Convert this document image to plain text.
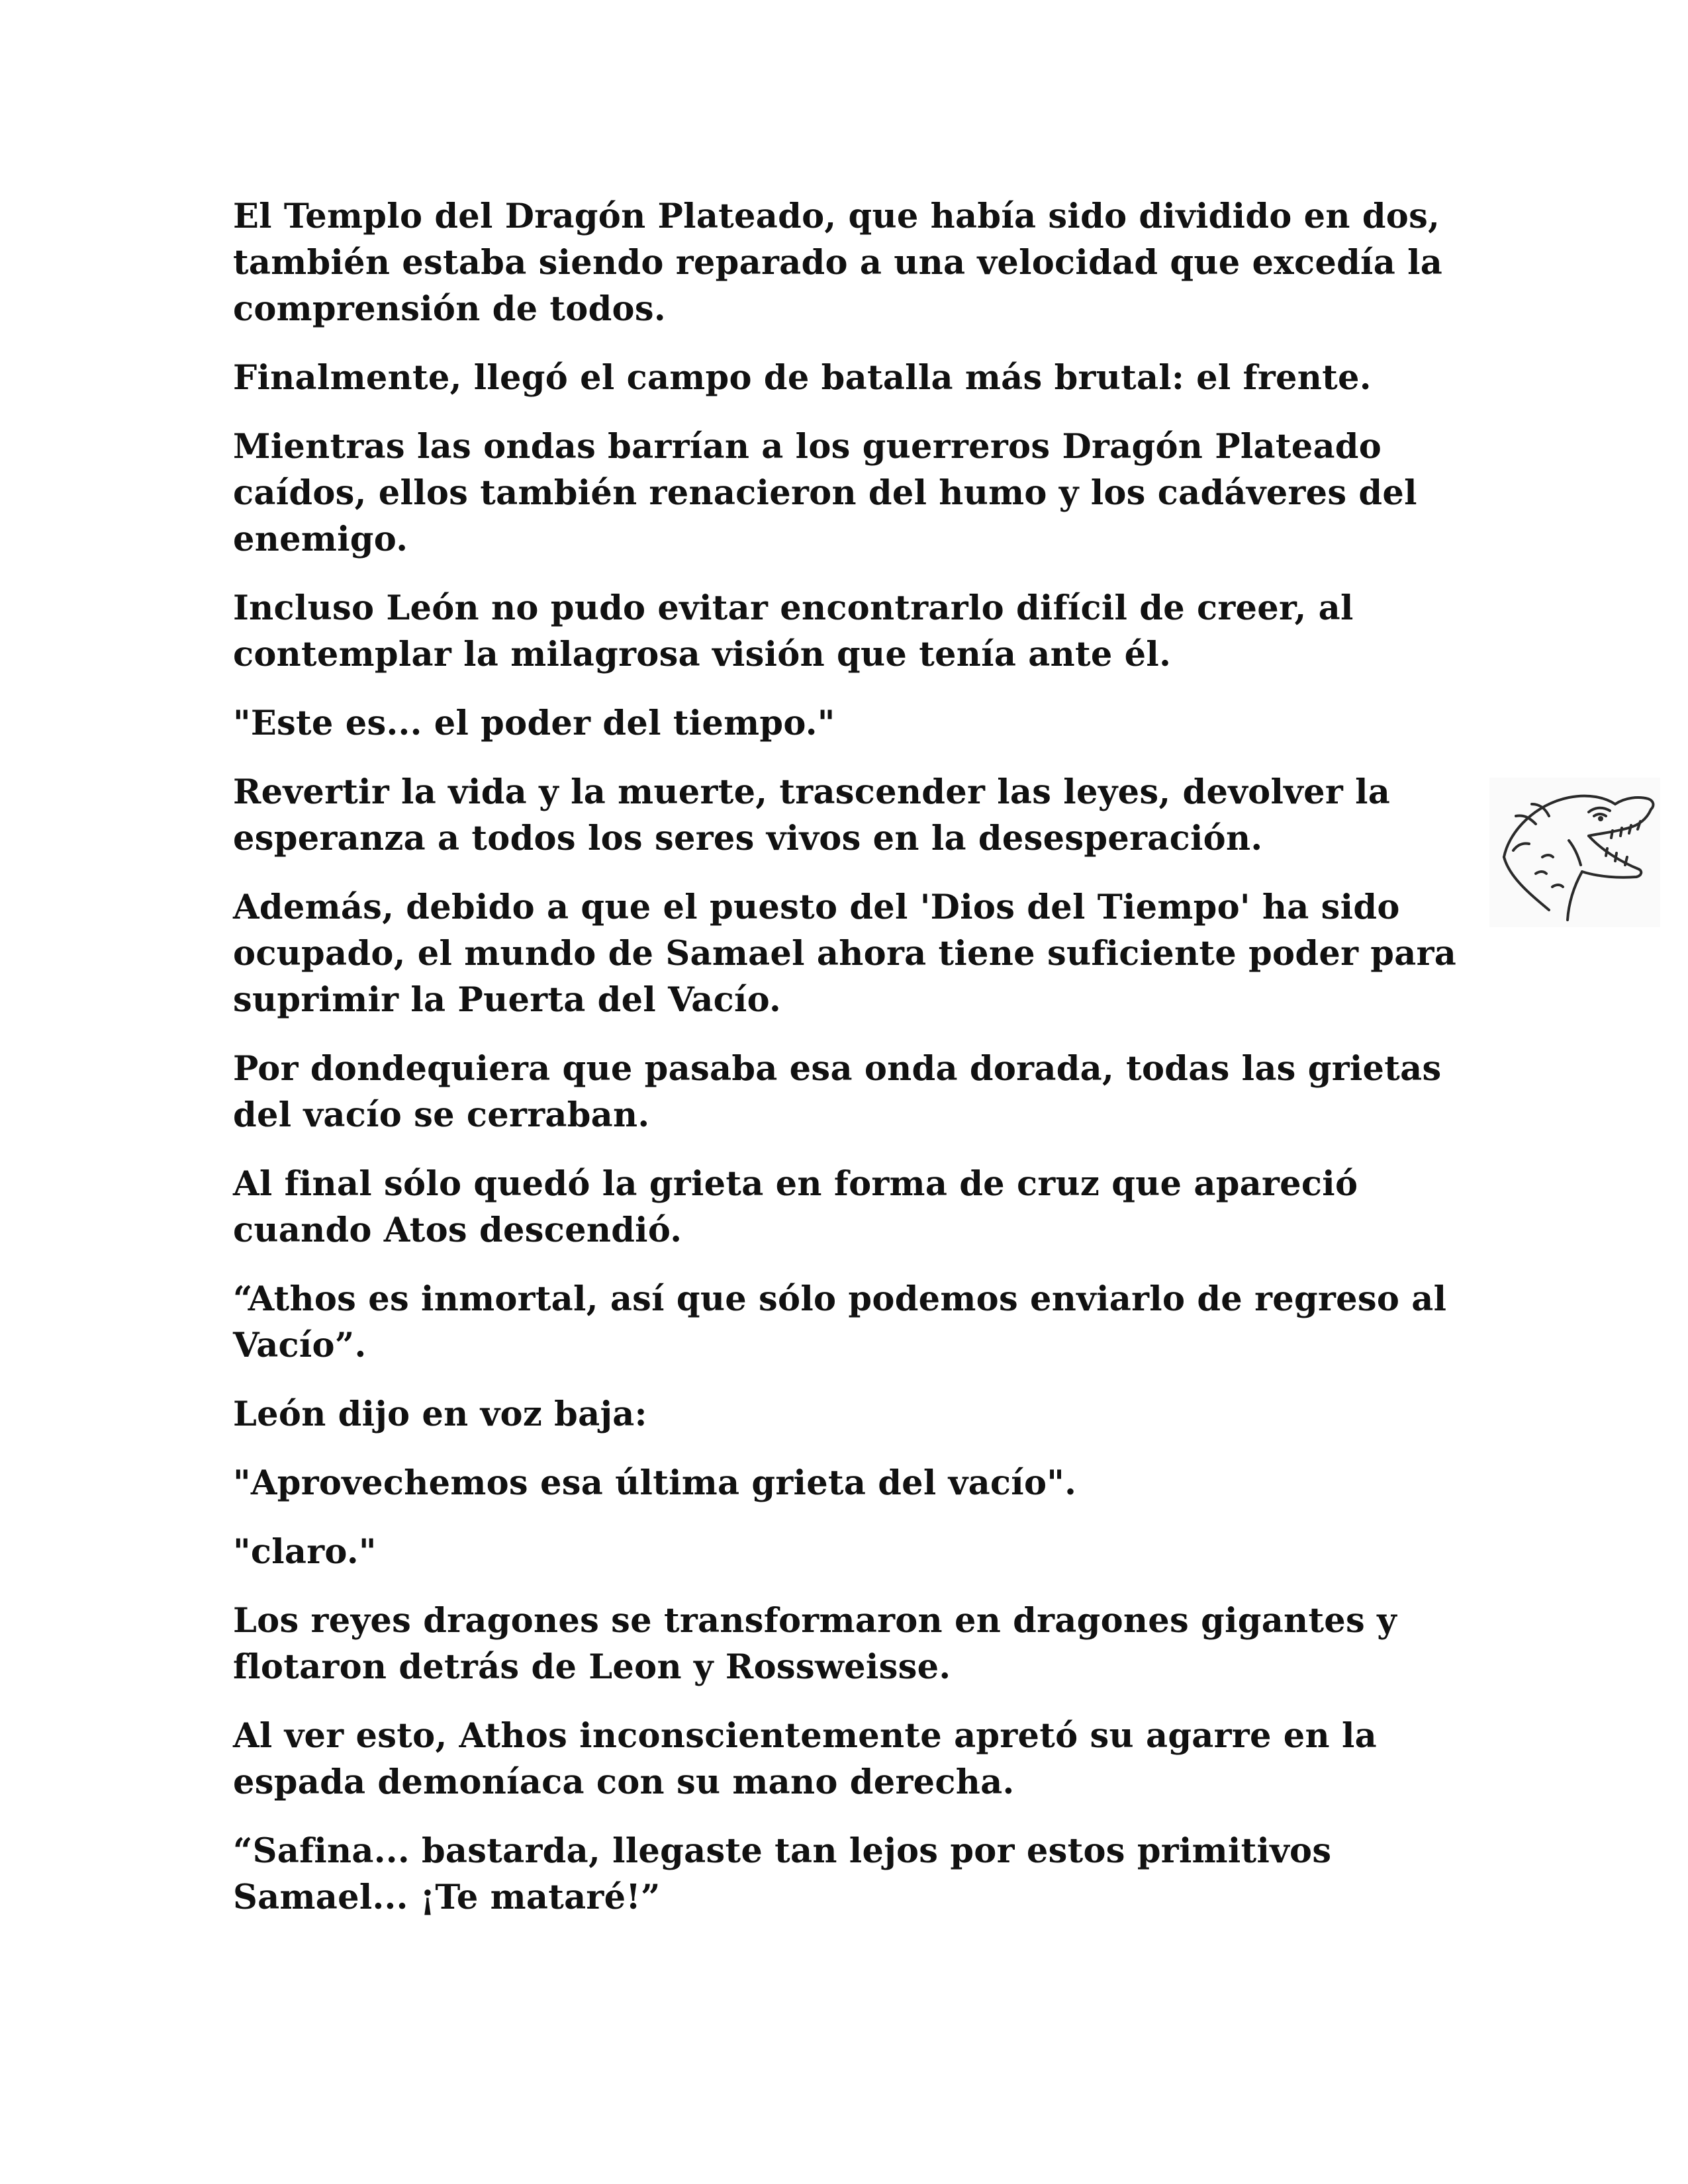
El Templo del Dragón Plateado, que había sido dividido en dos, también estaba siendo reparado a una velocidad que excedía la comprensión de todos.

Finalmente, llegó el campo de batalla más brutal: el frente.

Mientras las ondas barrían a los guerreros Dragón Plateado caídos, ellos también renacieron del humo y los cadáveres del enemigo.

Incluso León no pudo evitar encontrarlo difícil de creer, al contemplar la milagrosa visión que tenía ante él.

"Este es... el poder del tiempo."

Revertir la vida y la muerte, trascender las leyes, devolver la esperanza a todos los seres vivos en la desesperación.

Además, debido a que el puesto del 'Dios del Tiempo' ha sido ocupado, el mundo de Samael ahora tiene suficiente poder para suprimir la Puerta del Vacío.

Por dondequiera que pasaba esa onda dorada, todas las grietas del vacío se cerraban.

Al final sólo quedó la grieta en forma de cruz que apareció cuando Atos descendió.

“Athos es inmortal, así que sólo podemos enviarlo de regreso al Vacío”.

León dijo en voz baja:

"Aprovechemos esa última grieta del vacío".

"claro."

Los reyes dragones se transformaron en dragones gigantes y flotaron detrás de Leon y Rossweisse.

Al ver esto, Athos inconscientemente apretó su agarre en la espada demoníaca con su mano derecha.

“Safina... bastarda, llegaste tan lejos por estos primitivos Samael... ¡Te mataré!”
